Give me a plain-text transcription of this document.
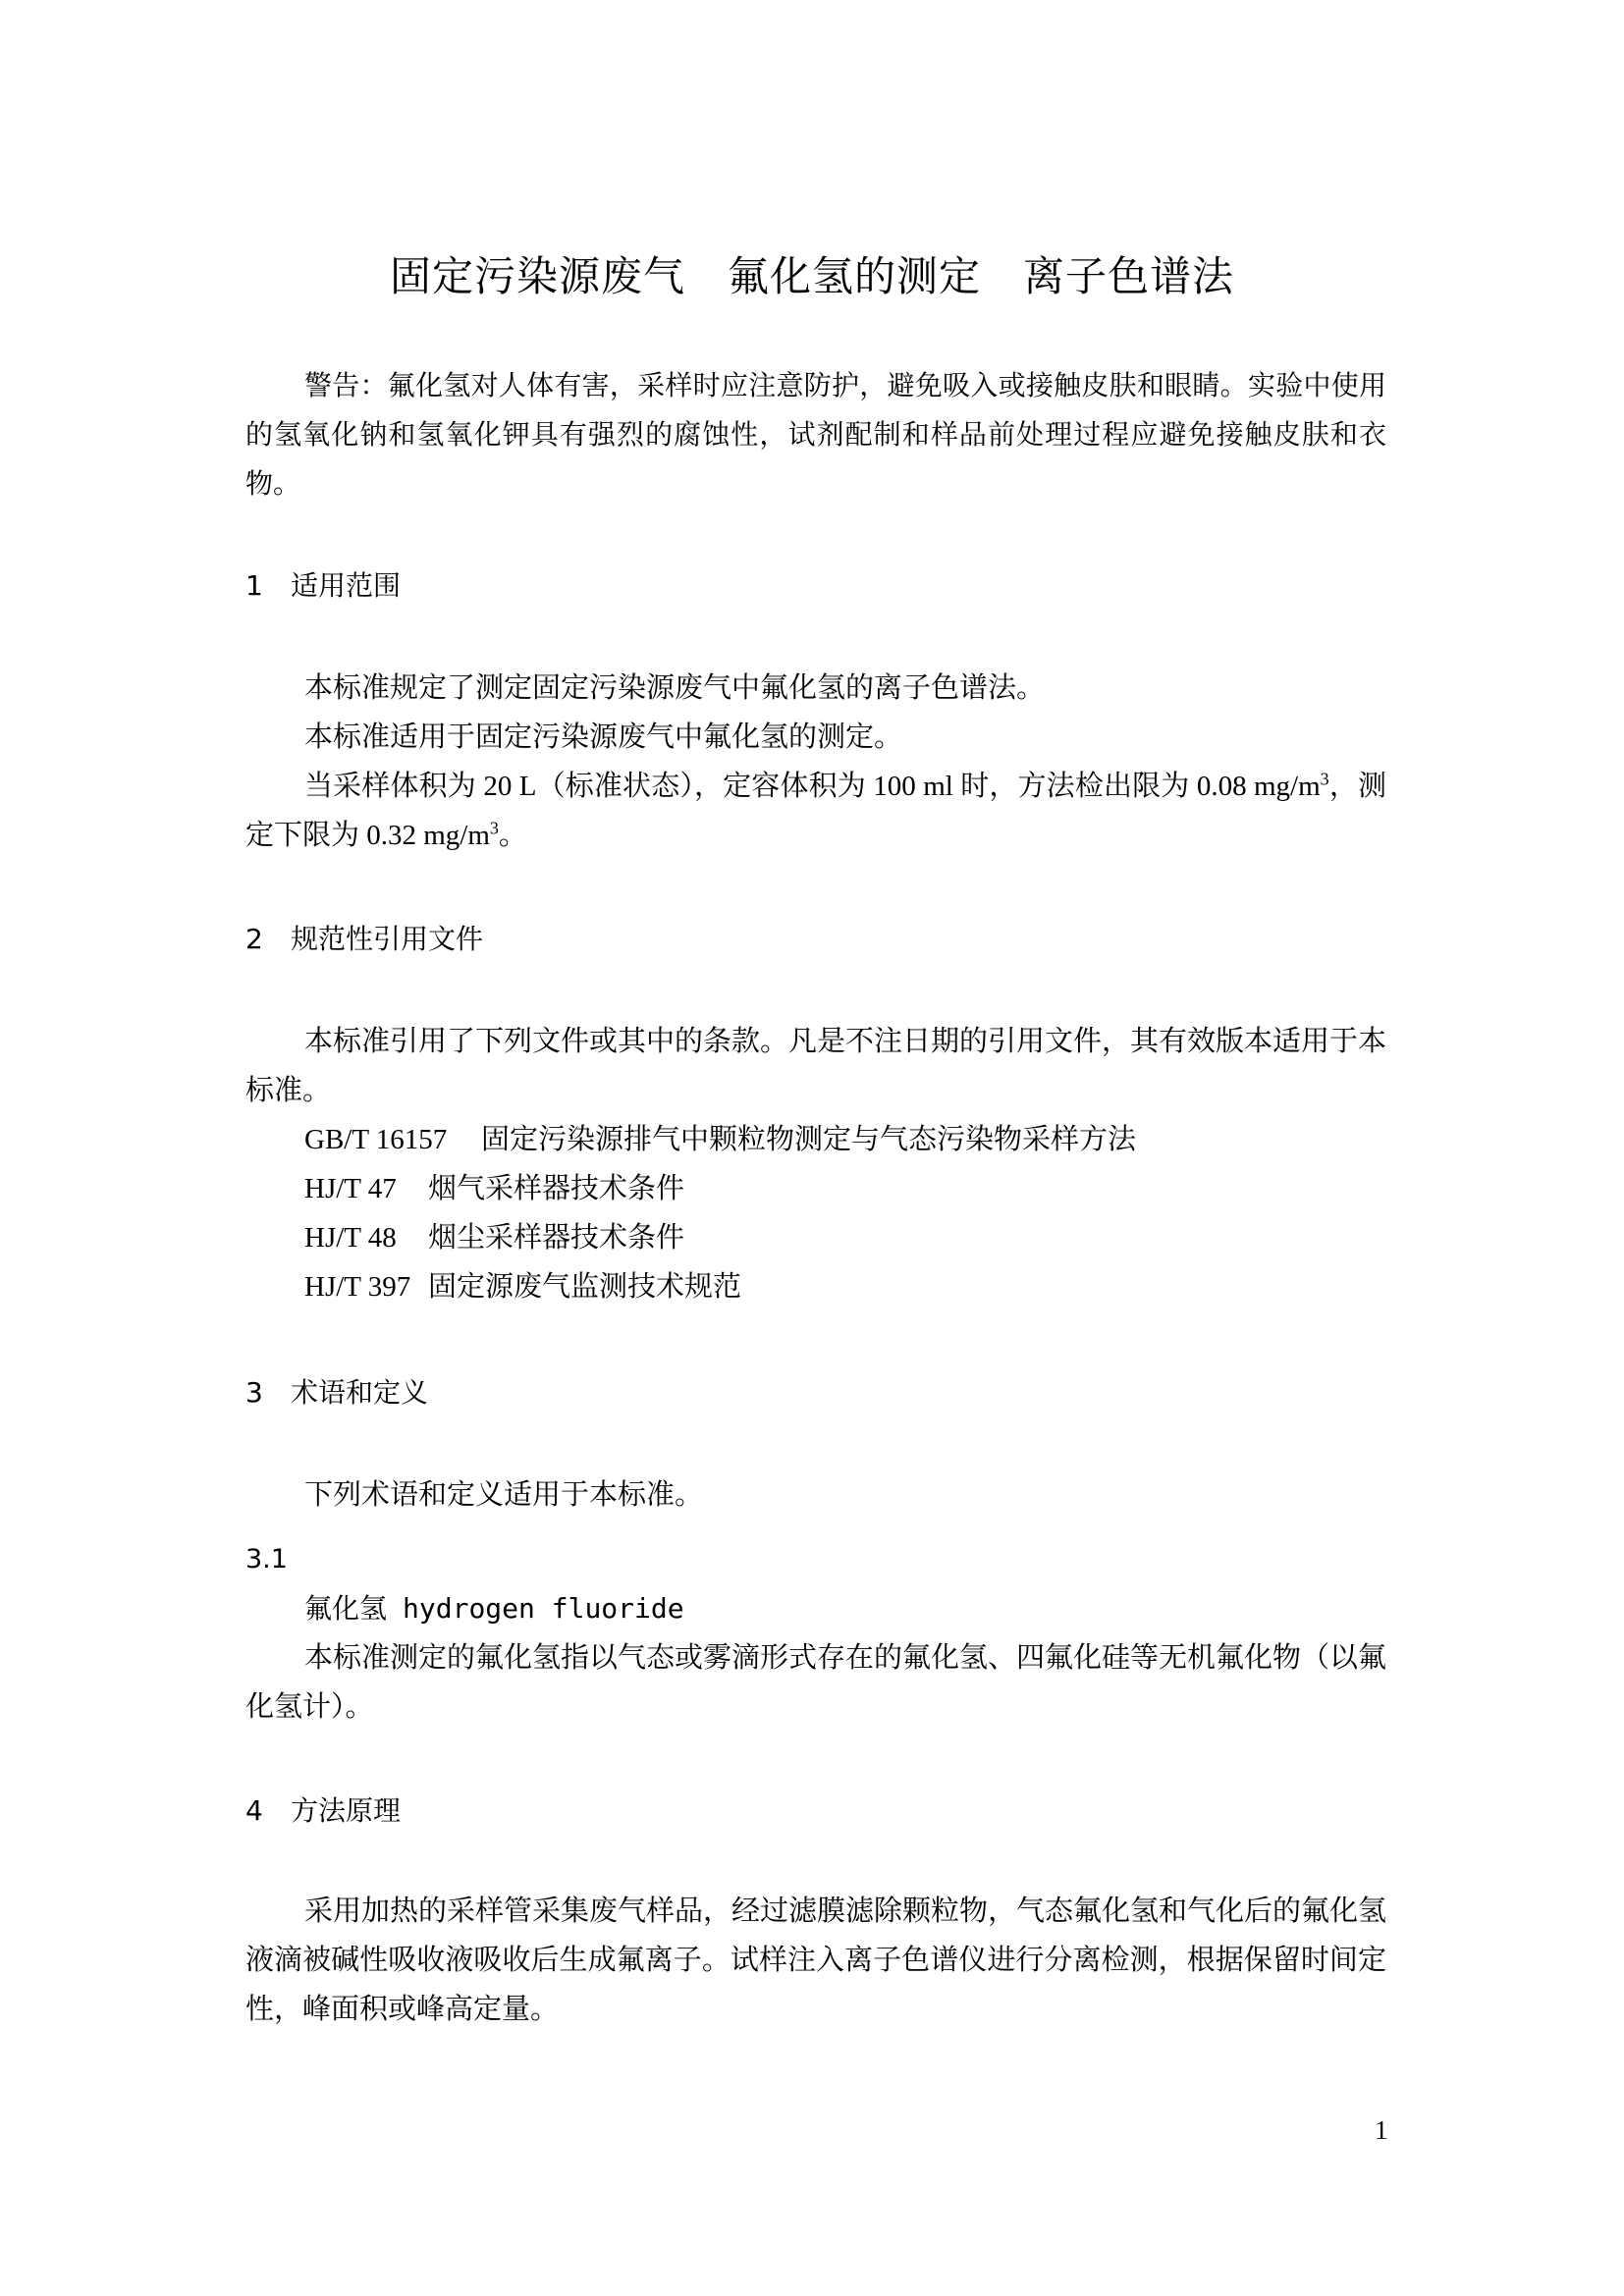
固定污染源废气　氟化氢的测定　离子色谱法

警告：氟化氢对人体有害，采样时应注意防护，避免吸入或接触皮肤和眼睛。实验中使用的氢氧化钠和氢氧化钾具有强烈的腐蚀性，试剂配制和样品前处理过程应避免接触皮肤和衣物。

1 适用范围

本标准规定了测定固定污染源废气中氟化氢的离子色谱法。

本标准适用于固定污染源废气中氟化氢的测定。

当采样体积为 20 L（标准状态），定容体积为 100 ml 时，方法检出限为 0.08 $mg/m^3$，测定下限为 0.32 $mg/m^3$。

2 规范性引用文件

本标准引用了下列文件或其中的条款。凡是不注日期的引用文件，其有效版本适用于本标准。

GB/T 16157 固定污染源排气中颗粒物测定与气态污染物采样方法
HJ/T 47 烟气采样器技术条件
HJ/T 48 烟尘采样器技术条件
HJ/T 397 固定源废气监测技术规范
3 术语和定义

下列术语和定义适用于本标准。

3.1
氟化氢 hydrogen fluoride

本标准测定的氟化氢指以气态或雾滴形式存在的氟化氢、四氟化硅等无机氟化物（以氟化氢计）。

4 方法原理

采用加热的采样管采集废气样品，经过滤膜滤除颗粒物，气态氟化氢和气化后的氟化氢液滴被碱性吸收液吸收后生成氟离子。试样注入离子色谱仪进行分离检测，根据保留时间定性，峰面积或峰高定量。

1
